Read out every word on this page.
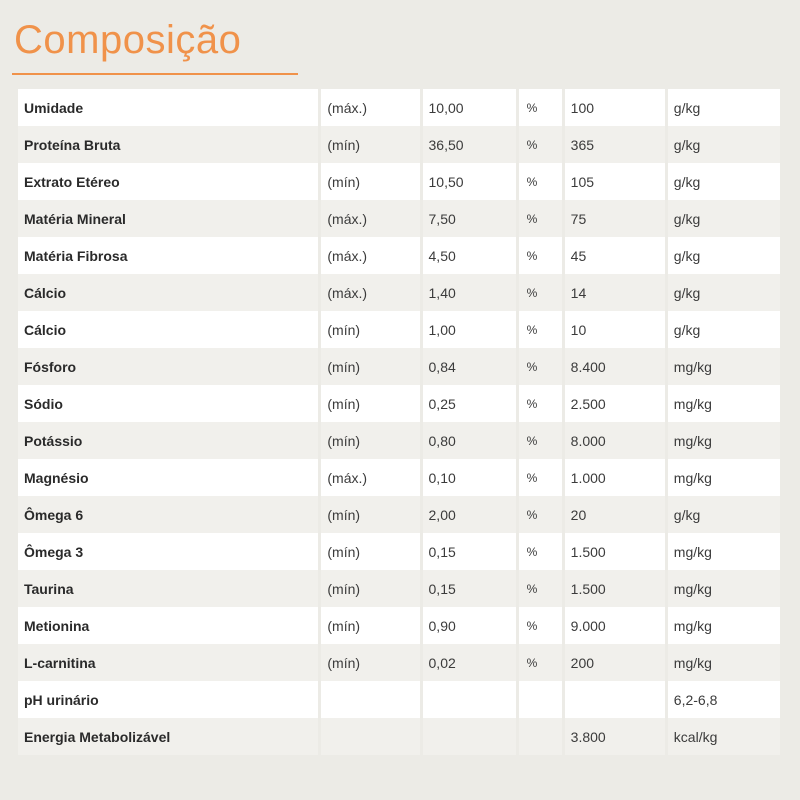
Composição
Umidade	(máx.)	10,00	%	100	g/kg
Proteína Bruta	(mín)	36,50	%	365	g/kg
Extrato Etéreo	(mín)	10,50	%	105	g/kg
Matéria Mineral	(máx.)	7,50	%	75	g/kg
Matéria Fibrosa	(máx.)	4,50	%	45	g/kg
Cálcio	(máx.)	1,40	%	14	g/kg
Cálcio	(mín)	1,00	%	10	g/kg
Fósforo	(mín)	0,84	%	8.400	mg/kg
Sódio	(mín)	0,25	%	2.500	mg/kg
Potássio	(mín)	0,80	%	8.000	mg/kg
Magnésio	(máx.)	0,10	%	1.000	mg/kg
Ômega 6	(mín)	2,00	%	20	g/kg
Ômega 3	(mín)	0,15	%	1.500	mg/kg
Taurina	(mín)	0,15	%	1.500	mg/kg
Metionina	(mín)	0,90	%	9.000	mg/kg
L-carnitina	(mín)	0,02	%	200	mg/kg
pH urinário					6,2-6,8
Energia Metabolizável				3.800	kcal/kg
